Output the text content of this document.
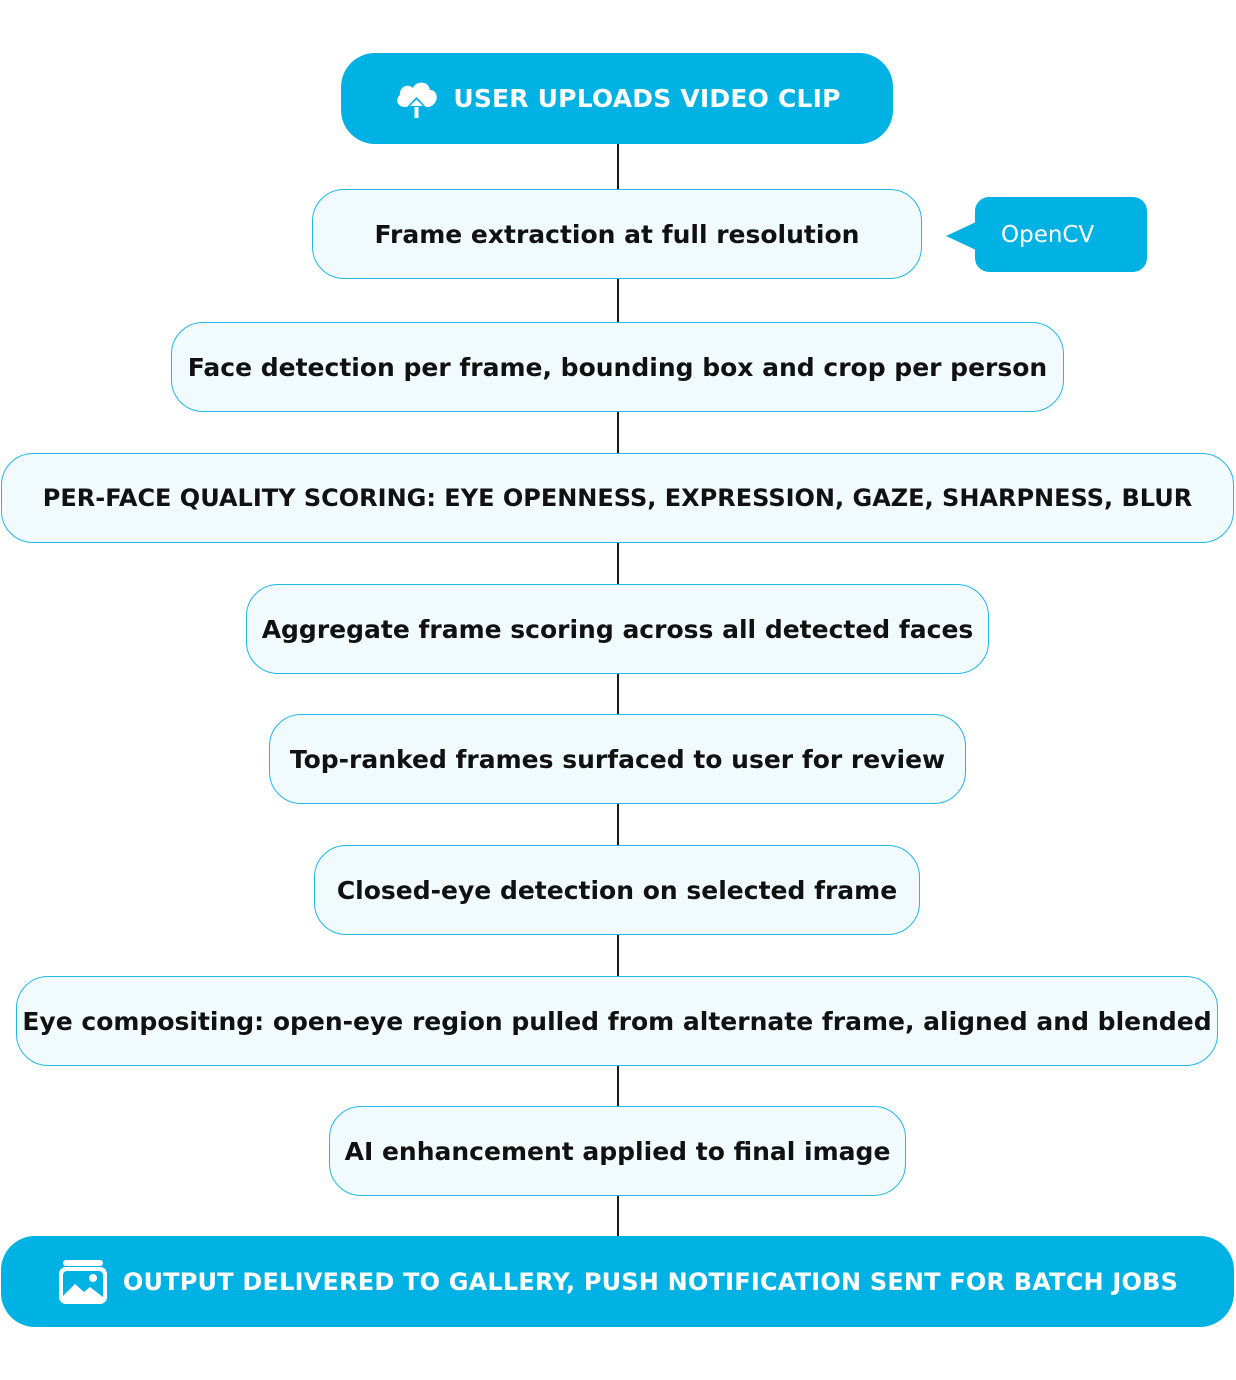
USER UPLOADS VIDEO CLIP
Frame extraction at full resolution
Face detection per frame, bounding box and crop per person
PER-FACE QUALITY SCORING: EYE OPENNESS, EXPRESSION, GAZE, SHARPNESS, BLUR
Aggregate frame scoring across all detected faces
Top-ranked frames surfaced to user for review
Closed-eye detection on selected frame
Eye compositing: open-eye region pulled from alternate frame, aligned and blended
AI enhancement applied to final image
OUTPUT DELIVERED TO GALLERY, PUSH NOTIFICATION SENT FOR BATCH JOBS
OpenCV
